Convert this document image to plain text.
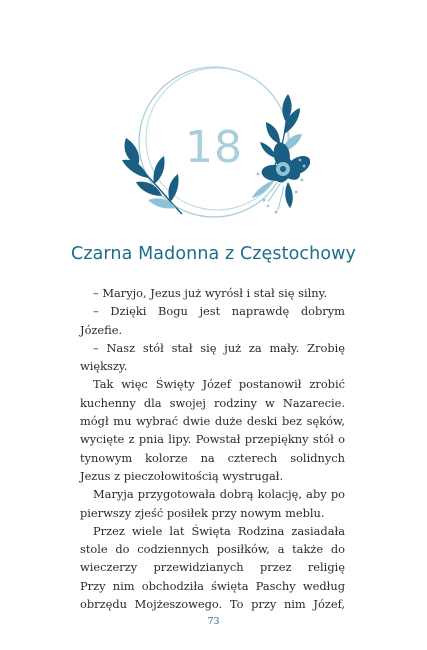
18
Czarna Madonna z Częstochowy
– Maryjo, Jezus już wyrósł i stał się silny.
– Dzięki Bogu jest naprawdę dobrym
Józefie.
– Nasz stół stał się już za mały. Zrobię
większy.
Tak więc Święty Józef postanowił zrobić
kuchenny dla swojej rodziny w Nazarecie.
mógł mu wybrać dwie duże deski bez sęków,
wycięte z pnia lipy. Powstał przepiękny stół o
tynowym kolorze na czterech solidnych
Jezus z pieczołowitością wystrugał.
Maryja przygotowała dobrą kolację, aby po
pierwszy zjeść posiłek przy nowym meblu.
Przez wiele lat Święta Rodzina zasiadała
stole do codziennych posiłków, a także do
wieczerzy przewidzianych przez religię
Przy nim obchodziła święta Paschy według
obrzędu Mojżeszowego. To przy nim Józef,
73
